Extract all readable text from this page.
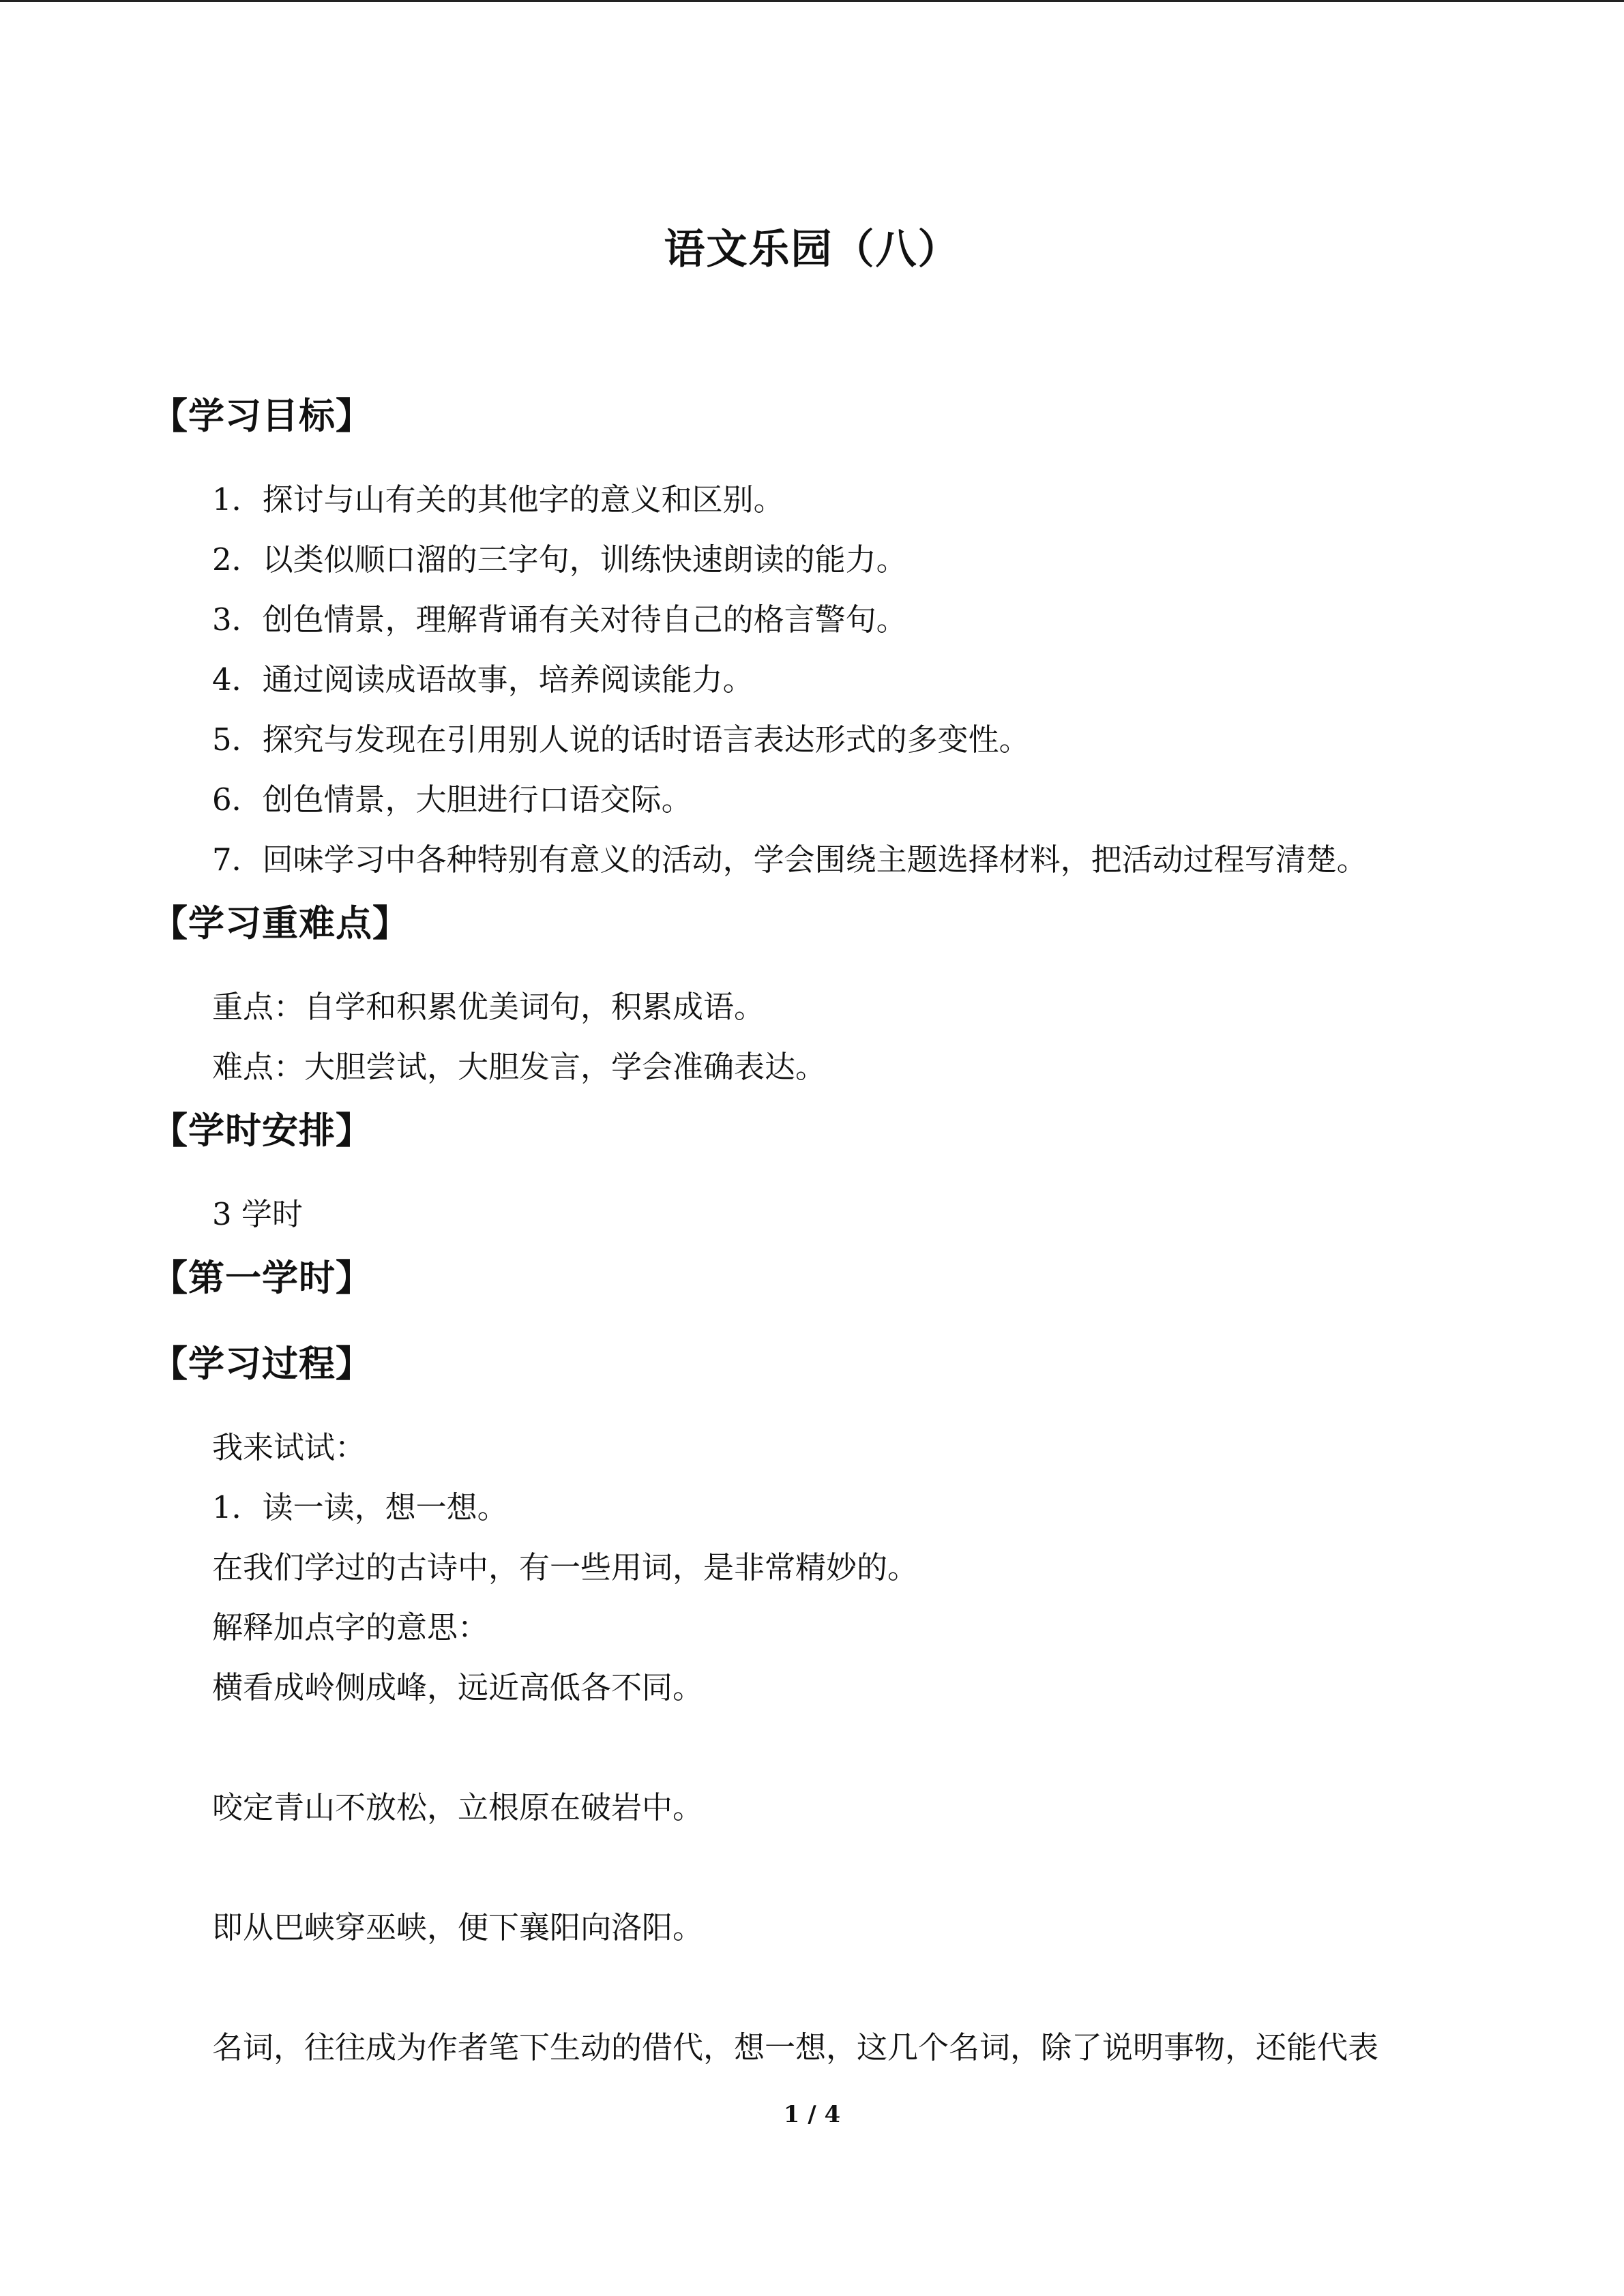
语文乐园（八）
【学习目标】
1．探讨与山有关的其他字的意义和区别。
2．以类似顺口溜的三字句，训练快速朗读的能力。
3．创色情景，理解背诵有关对待自己的格言警句。
4．通过阅读成语故事，培养阅读能力。
5．探究与发现在引用别人说的话时语言表达形式的多变性。
6．创色情景，大胆进行口语交际。
7．回味学习中各种特别有意义的活动，学会围绕主题选择材料，把活动过程写清楚。
【学习重难点】
重点：自学和积累优美词句，积累成语。
难点：大胆尝试，大胆发言，学会准确表达。
【学时安排】
3 学时
【第一学时】
【学习过程】
我来试试：
1．读一读，想一想。
在我们学过的古诗中，有一些用词，是非常精妙的。
解释加点字的意思：
横看成岭侧成峰，远近高低各不同。
咬定青山不放松，立根原在破岩中。
即从巴峡穿巫峡，便下襄阳向洛阳。
名词，往往成为作者笔下生动的借代，想一想，这几个名词，除了说明事物，还能代表
1 / 4
